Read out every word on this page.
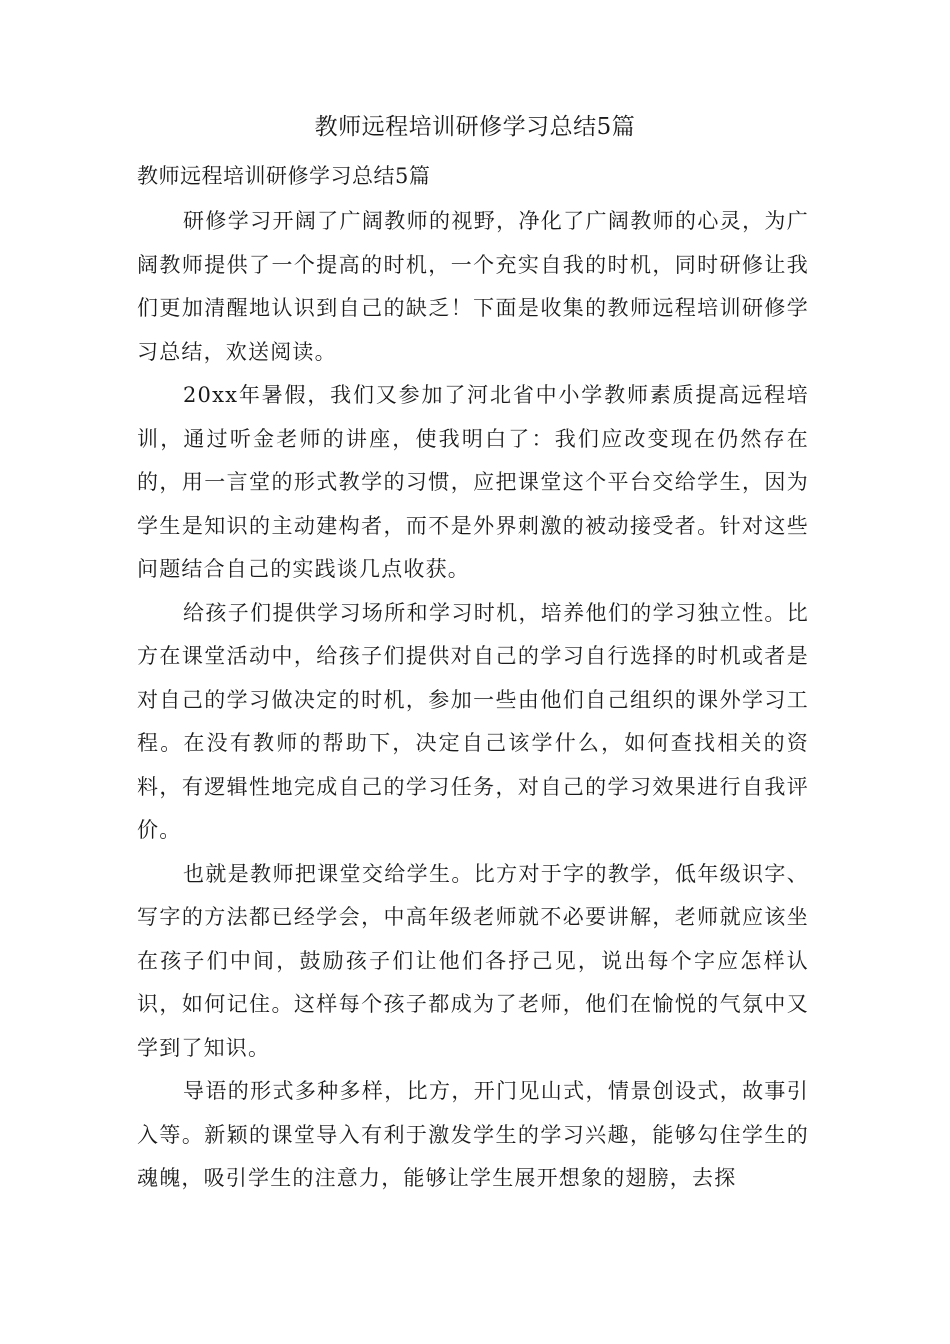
教师远程培训研修学习总结5篇
教师远程培训研修学习总结5篇

研修学习开阔了广阔教师的视野，净化了广阔教师的心灵，为广阔教师提供了一个提高的时机，一个充实自我的时机，同时研修让我们更加清醒地认识到自己的缺乏！下面是收集的教师远程培训研修学习总结，欢送阅读。

20xx年暑假，我们又参加了河北省中小学教师素质提高远程培训，通过听金老师的讲座，使我明白了：我们应改变现在仍然存在的，用一言堂的形式教学的习惯，应把课堂这个平台交给学生，因为学生是知识的主动建构者，而不是外界刺激的被动接受者。针对这些问题结合自己的实践谈几点收获。

给孩子们提供学习场所和学习时机，培养他们的学习独立性。比方在课堂活动中，给孩子们提供对自己的学习自行选择的时机或者是对自己的学习做决定的时机，参加一些由他们自己组织的课外学习工程。在没有教师的帮助下，决定自己该学什么，如何查找相关的资料，有逻辑性地完成自己的学习任务，对自己的学习效果进行自我评价。

也就是教师把课堂交给学生。比方对于字的教学，低年级识字、写字的方法都已经学会，中高年级老师就不必要讲解，老师就应该坐在孩子们中间，鼓励孩子们让他们各抒己见，说出每个字应怎样认识，如何记住。这样每个孩子都成为了老师，他们在愉悦的气氛中又学到了知识。

导语的形式多种多样，比方，开门见山式，情景创设式，故事引入等。新颖的课堂导入有利于激发学生的学习兴趣，能够勾住学生的魂魄，吸引学生的注意力，能够让学生展开想象的翅膀，去探
